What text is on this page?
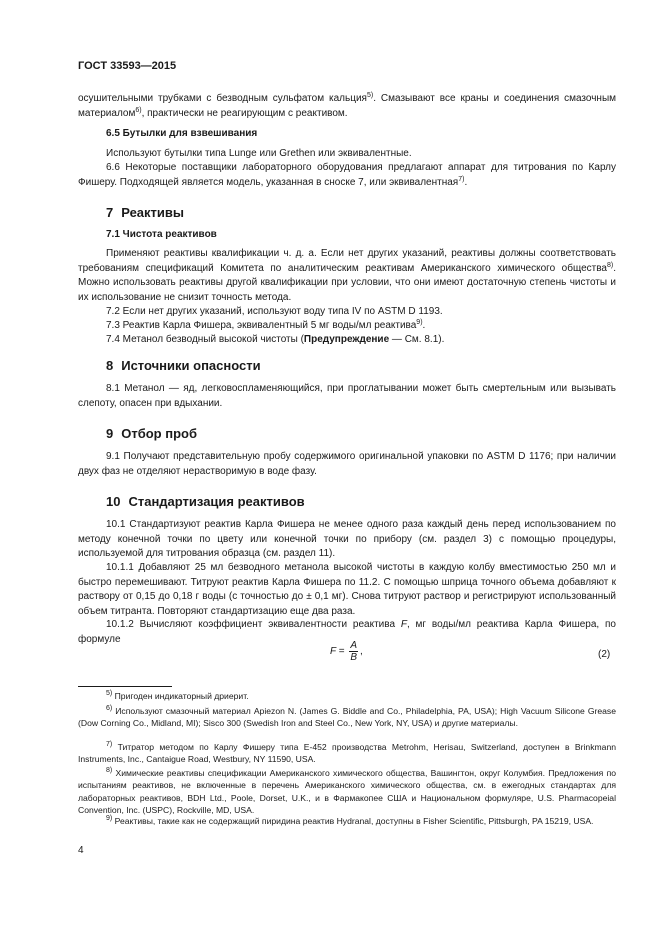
ГОСТ 33593—2015

осушительными трубками с безводным сульфатом кальция$^{5)}$. Смазывают все краны и соединения смазочным материалом$^{6)}$, практически не реагирующим с реактивом.

6.5 Бутылки для взвешивания

Используют бутылки типа Lunge или Grethen или эквивалентные.

6.6 Некоторые поставщики лабораторного оборудования предлагают аппарат для титрования по Карлу Фишеру. Подходящей является модель, указанная в сноске 7, или эквивалентная$^{7)}$.

7 Реактивы

7.1 Чистота реактивов

Применяют реактивы квалификации ч. д. а. Если нет других указаний, реактивы должны соответствовать требованиям спецификаций Комитета по аналитическим реактивам Американского химического общества$^{8)}$. Можно использовать реактивы другой квалификации при условии, что они имеют достаточную степень чистоты и их использование не снизит точность метода.

7.2 Если нет других указаний, используют воду типа IV по ASTM D 1193.

7.3 Реактив Карла Фишера, эквивалентный 5 мг воды/мл реактива$^{9)}$.

7.4 Метанол безводный высокой чистоты (Предупреждение — См. 8.1).

8 Источники опасности

8.1 Метанол — яд, легковоспламеняющийся, при проглатывании может быть смертельным или вызывать слепоту, опасен при вдыхании.

9 Отбор проб

9.1 Получают представительную пробу содержимого оригинальной упаковки по ASTM D 1176; при наличии двух фаз не отделяют нерастворимую в воде фазу.

10 Стандартизация реактивов

10.1 Стандартизуют реактив Карла Фишера не менее одного раза каждый день перед использованием по методу конечной точки по цвету или конечной точки по прибору (см. раздел 3) с помощью процедуры, используемой для титрования образца (см. раздел 11).

10.1.1 Добавляют 25 мл безводного метанола высокой чистоты в каждую колбу вместимостью 250 мл и быстро перемешивают. Титруют реактив Карла Фишера по 11.2. С помощью шприца точного объема добавляют к раствору от 0,15 до 0,18 г воды (с точностью до ± 0,1 мг). Снова титруют раствор и регистрируют использованный объем титранта. Повторяют стандартизацию еще два раза.

10.1.2 Вычисляют коэффициент эквивалентности реактива F, мг воды/мл реактива Карла Фишера, по формуле

$F = \frac{A}{B}$ ,	(2)

$^{5)}$ Пригоден индикаторный дриерит.

$^{6)}$ Используют смазочный материал Apiezon N. (James G. Biddle and Co., Philadelphia, PA, USA); High Vacuum Silicone Grease (Dow Corning Co., Midland, MI); Sisco 300 (Swedish Iron and Steel Co., New York, NY, USA) и другие материалы.

$^{7)}$ Титратор методом по Карлу Фишеру типа Е-452 производства Metrohm, Herisau, Switzerland, доступен в Brinkmann Instruments, Inc., Cantaigue Road, Westbury, NY 11590, USA.

$^{8)}$ Химические реактивы спецификации Американского химического общества, Вашингтон, округ Колумбия. Предложения по испытаниям реактивов, не включенные в перечень Американского химического общества, см. в ежегодных стандартах для лабораторных реактивов, BDH Ltd., Poole, Dorset, U.K., и в Фармакопее США и Национальном формуляре, U.S. Pharmacopeial Convention, Inc. (USPC), Rockville, MD, USA.

$^{9)}$ Реактивы, такие как не содержащий пиридина реактив Hydranal, доступны в Fisher Scientific, Pittsburgh, PA 15219, USA.

4
